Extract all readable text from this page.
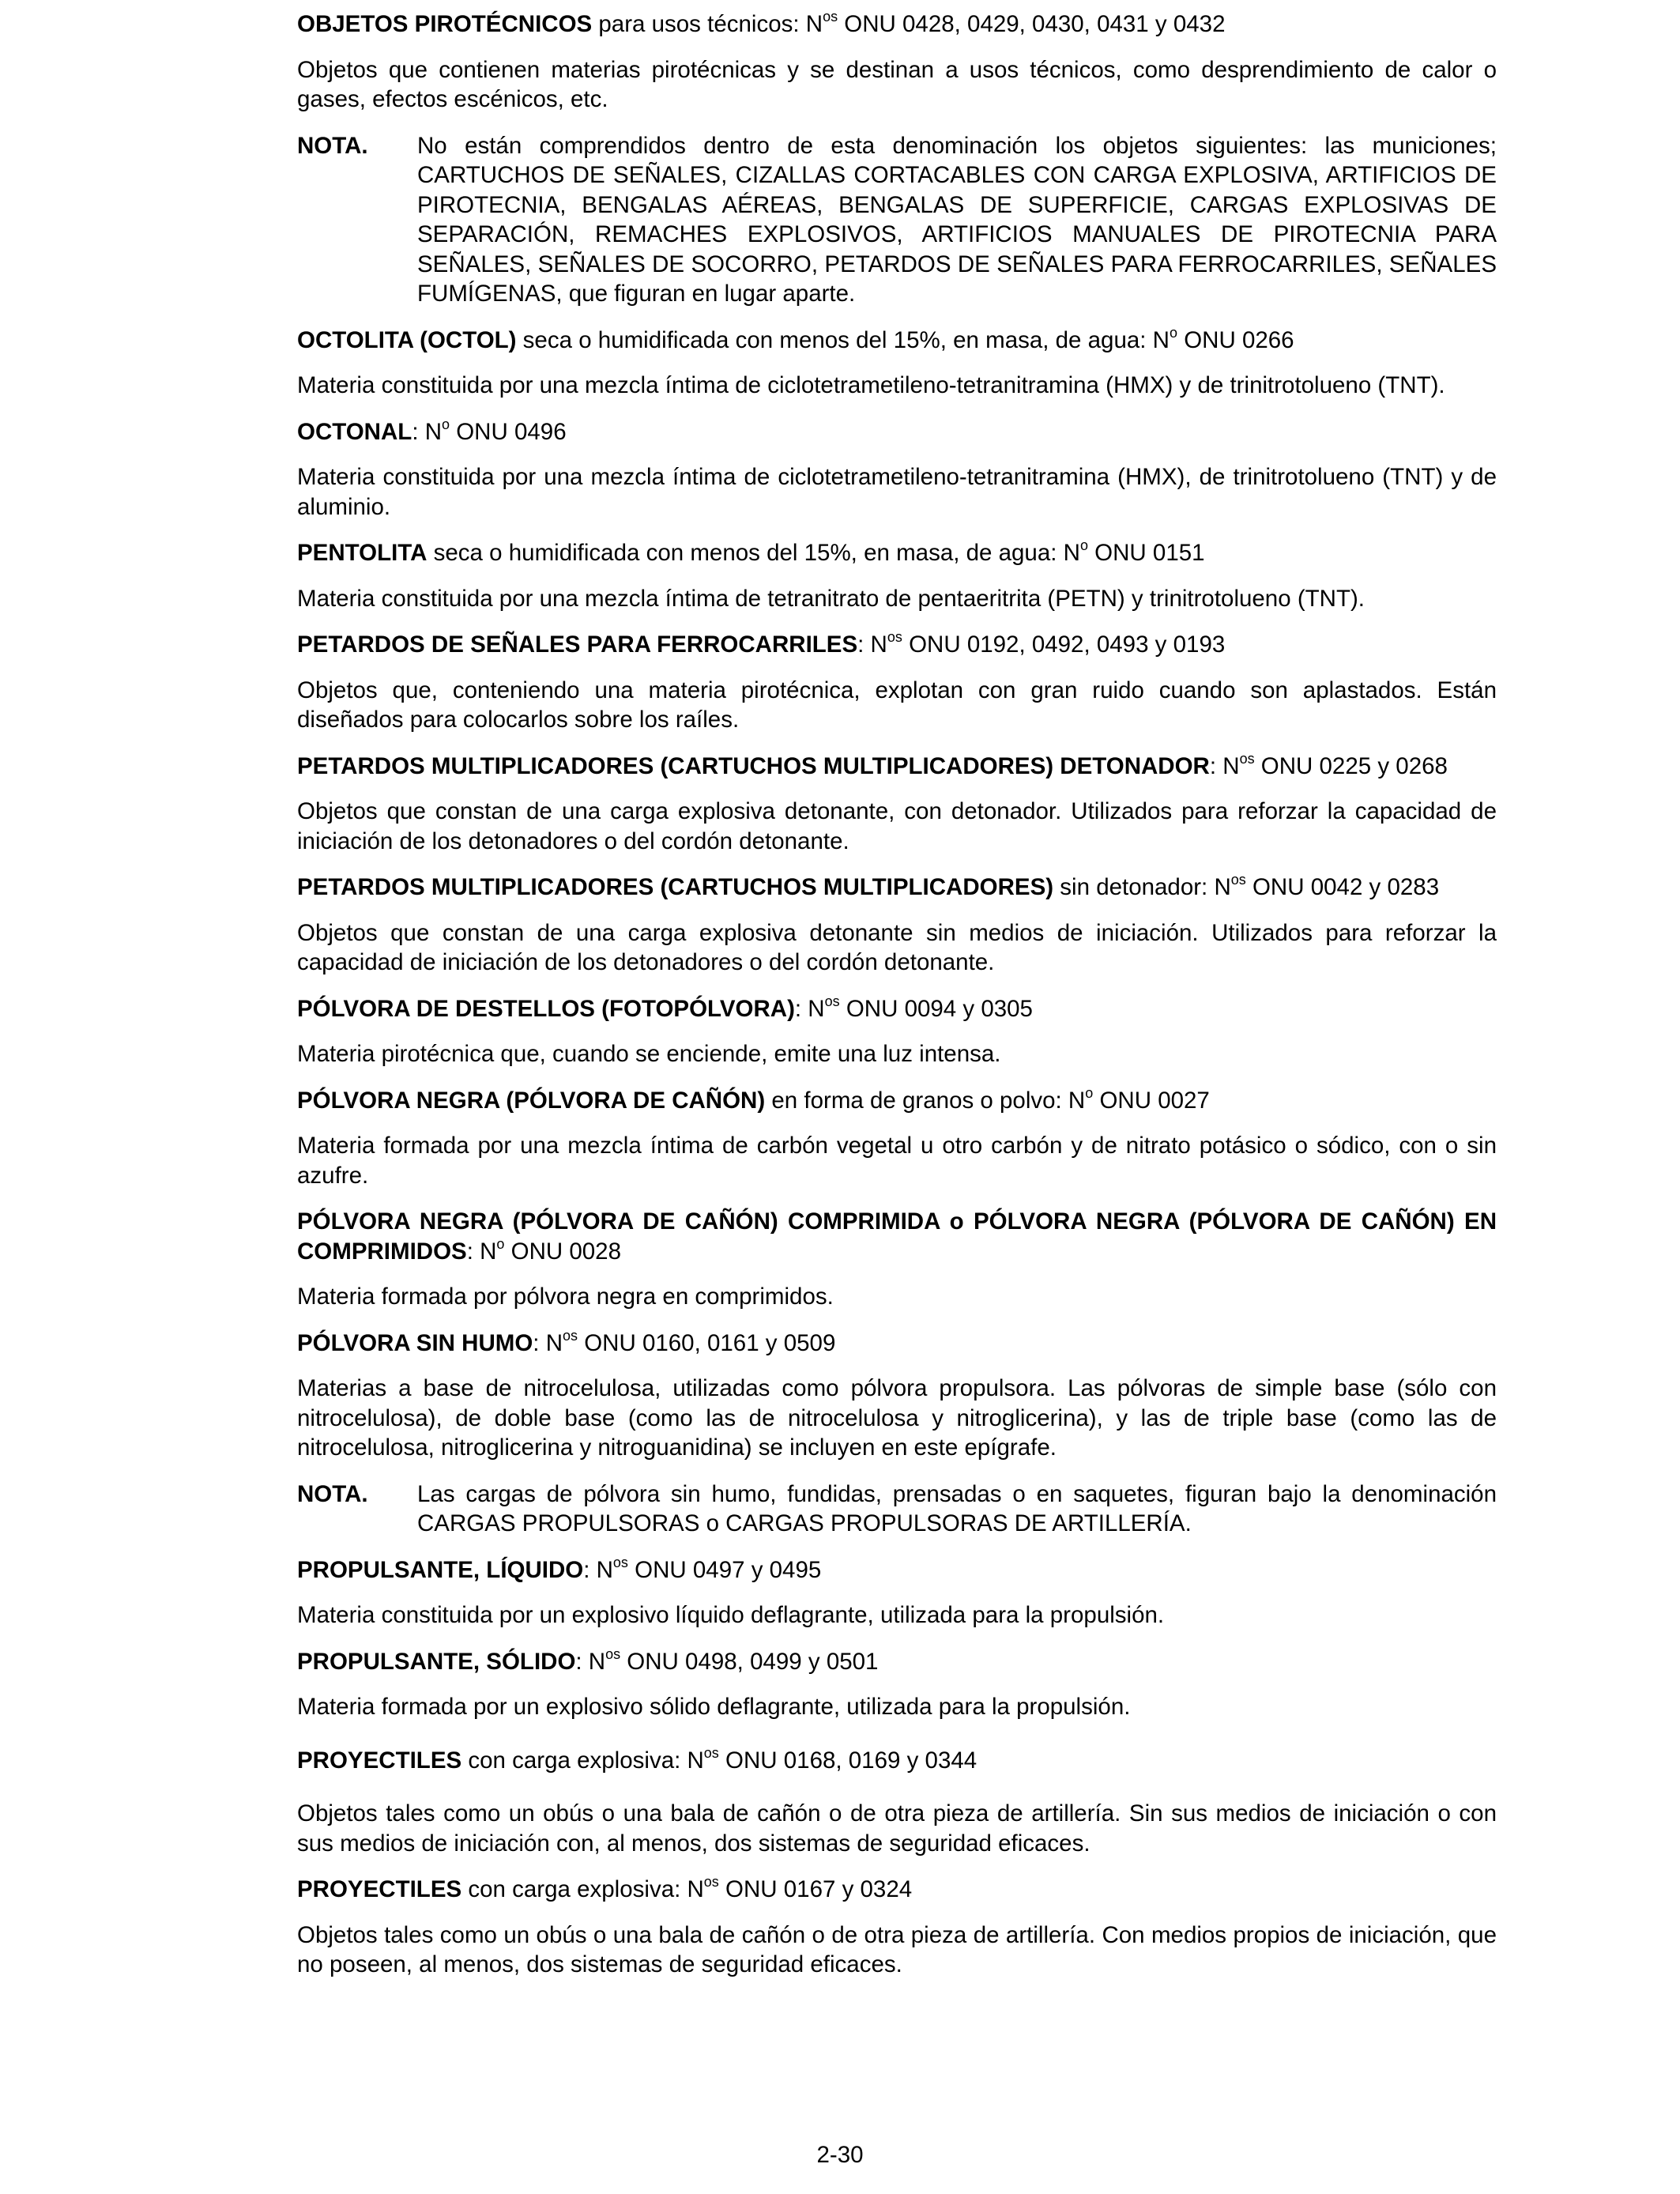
OBJETOS PIROTÉCNICOS para usos técnicos: $N^{os}$ ONU 0428, 0429, 0430, 0431 y 0432

Objetos que contienen materias pirotécnicas y se destinan a usos técnicos, como desprendimiento de calor o gases, efectos escénicos, etc.

NOTA.	No están comprendidos dentro de esta denominación los objetos siguientes: las municiones; CARTUCHOS DE SEÑALES, CIZALLAS CORTACABLES CON CARGA EXPLOSIVA, ARTIFICIOS DE PIROTECNIA, BENGALAS AÉREAS, BENGALAS DE SUPERFICIE, CARGAS EXPLOSIVAS DE SEPARACIÓN, REMACHES EXPLOSIVOS, ARTIFICIOS MANUALES DE PIROTECNIA PARA SEÑALES, SEÑALES DE SOCORRO, PETARDOS DE SEÑALES PARA FERROCARRILES, SEÑALES FUMÍGENAS, que figuran en lugar aparte.

OCTOLITA (OCTOL) seca o humidificada con menos del 15%, en masa, de agua: $N^o$ ONU 0266

Materia constituida por una mezcla íntima de ciclotetrametileno-tetranitramina (HMX) y de trinitrotolueno (TNT).

OCTONAL: $N^o$ ONU 0496

Materia constituida por una mezcla íntima de ciclotetrametileno-tetranitramina (HMX), de trinitrotolueno (TNT) y de aluminio.

PENTOLITA seca o humidificada con menos del 15%, en masa, de agua: $N^o$ ONU 0151

Materia constituida por una mezcla íntima de tetranitrato de pentaeritrita (PETN) y trinitrotolueno (TNT).

PETARDOS DE SEÑALES PARA FERROCARRILES: $N^{os}$ ONU 0192, 0492, 0493 y 0193

Objetos que, conteniendo una materia pirotécnica, explotan con gran ruido cuando son aplastados. Están diseñados para colocarlos sobre los raíles.

PETARDOS MULTIPLICADORES (CARTUCHOS MULTIPLICADORES) DETONADOR: $N^{os}$ ONU 0225 y 0268

Objetos que constan de una carga explosiva detonante, con detonador. Utilizados para reforzar la capacidad de iniciación de los detonadores o del cordón detonante.

PETARDOS MULTIPLICADORES (CARTUCHOS MULTIPLICADORES) sin detonador: $N^{os}$ ONU 0042 y 0283

Objetos que constan de una carga explosiva detonante sin medios de iniciación. Utilizados para reforzar la capacidad de iniciación de los detonadores o del cordón detonante.

PÓLVORA DE DESTELLOS (FOTOPÓLVORA): $N^{os}$ ONU 0094 y 0305

Materia pirotécnica que, cuando se enciende, emite una luz intensa.

PÓLVORA NEGRA (PÓLVORA DE CAÑÓN) en forma de granos o polvo: $N^o$ ONU 0027

Materia formada por una mezcla íntima de carbón vegetal u otro carbón y de nitrato potásico o sódico, con o sin azufre.

PÓLVORA NEGRA (PÓLVORA DE CAÑÓN) COMPRIMIDA o PÓLVORA NEGRA (PÓLVORA DE CAÑÓN) EN COMPRIMIDOS: $N^o$ ONU 0028

Materia formada por pólvora negra en comprimidos.

PÓLVORA SIN HUMO: $N^{os}$ ONU 0160, 0161 y 0509

Materias a base de nitrocelulosa, utilizadas como pólvora propulsora. Las pólvoras de simple base (sólo con nitrocelulosa), de doble base (como las de nitrocelulosa y nitroglicerina), y las de triple base (como las de nitrocelulosa, nitroglicerina y nitroguanidina) se incluyen en este epígrafe.

NOTA.	Las cargas de pólvora sin humo, fundidas, prensadas o en saquetes, figuran bajo la denominación CARGAS PROPULSORAS o CARGAS PROPULSORAS DE ARTILLERÍA.

PROPULSANTE, LÍQUIDO: $N^{os}$ ONU 0497 y 0495

Materia constituida por un explosivo líquido deflagrante, utilizada para la propulsión.

PROPULSANTE, SÓLIDO: $N^{os}$ ONU 0498, 0499 y 0501

Materia formada por un explosivo sólido deflagrante, utilizada para la propulsión.

PROYECTILES con carga explosiva: $N^{os}$ ONU 0168, 0169 y 0344

Objetos tales como un obús o una bala de cañón o de otra pieza de artillería. Sin sus medios de iniciación o con sus medios de iniciación con, al menos, dos sistemas de seguridad eficaces.

PROYECTILES con carga explosiva: $N^{os}$ ONU 0167 y 0324

Objetos tales como un obús o una bala de cañón o de otra pieza de artillería. Con medios propios de iniciación, que no poseen, al menos, dos sistemas de seguridad eficaces.

2-30
